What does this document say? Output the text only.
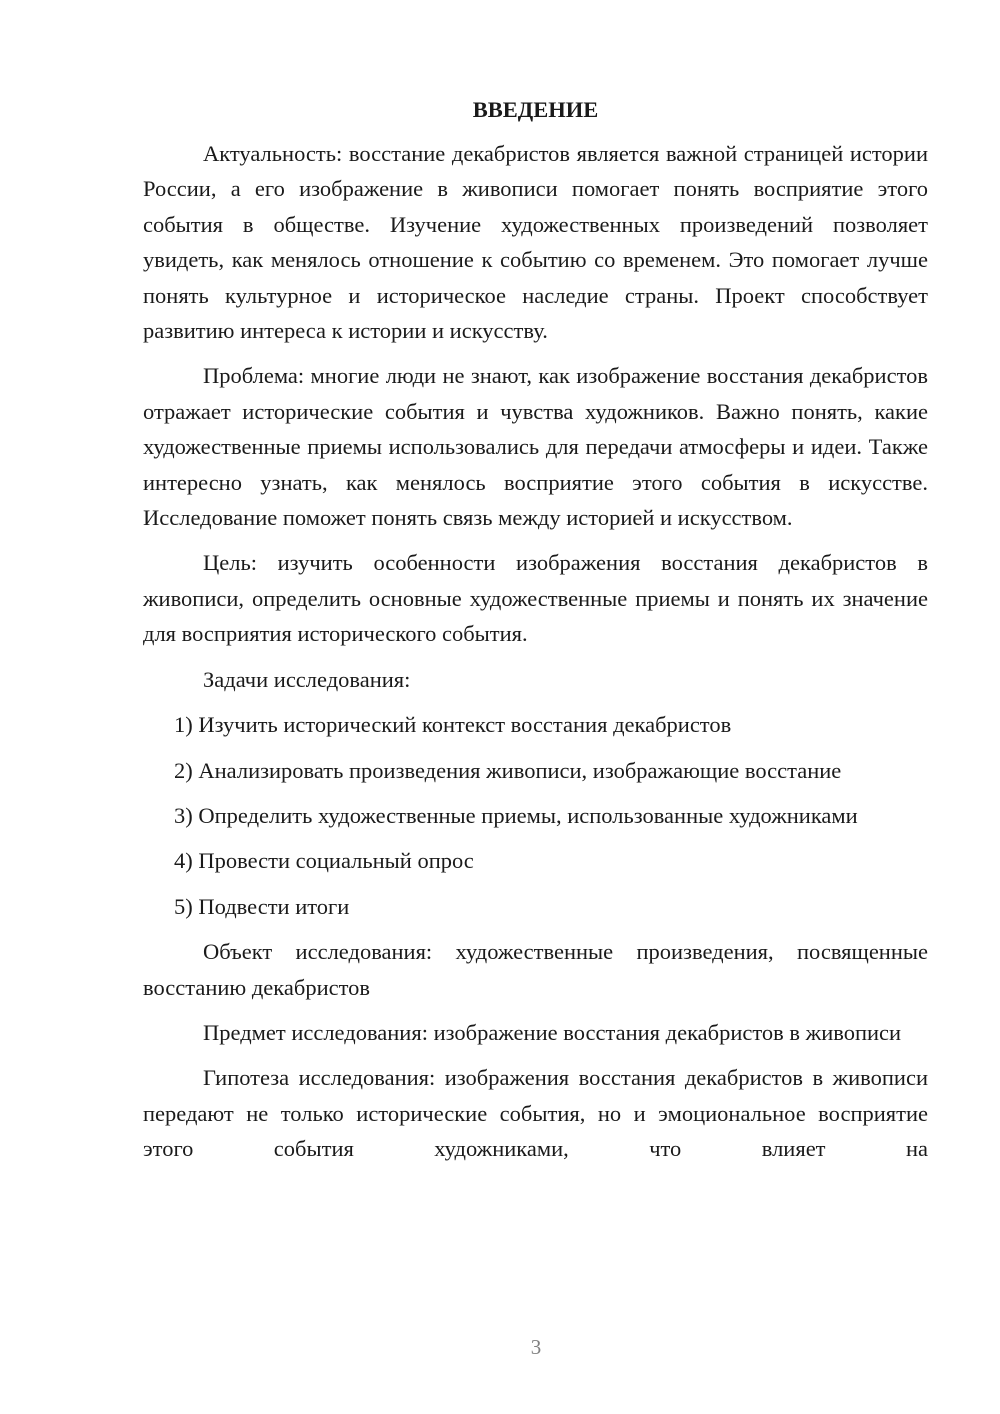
ВВЕДЕНИЕ

Актуальность: восстание декабристов является важной страницей истории России, а его изображение в живописи помогает понять восприятие этого события в обществе. Изучение художественных произведений позволяет увидеть, как менялось отношение к событию со временем. Это помогает лучше понять культурное и историческое наследие страны. Проект способствует развитию интереса к истории и искусству.

Проблема: многие люди не знают, как изображение восстания декабристов отражает исторические события и чувства художников. Важно понять, какие художественные приемы использовались для передачи атмосферы и идеи. Также интересно узнать, как менялось восприятие этого события в искусстве. Исследование поможет понять связь между историей и искусством.

Цель: изучить особенности изображения восстания декабристов в живописи, определить основные художественные приемы и понять их значение для восприятия исторического события.

Задачи исследования:

1) Изучить исторический контекст восстания декабристов

2) Анализировать произведения живописи, изображающие восстание

3) Определить художественные приемы, использованные художниками

4) Провести социальный опрос

5) Подвести итоги

Объект исследования: художественные произведения, посвященные восстанию декабристов

Предмет исследования: изображение восстания декабристов в живописи

Гипотеза исследования: изображения восстания декабристов в живописи передают не только исторические события, но и эмоциональное восприятие этого события художниками, что влияет на

3
